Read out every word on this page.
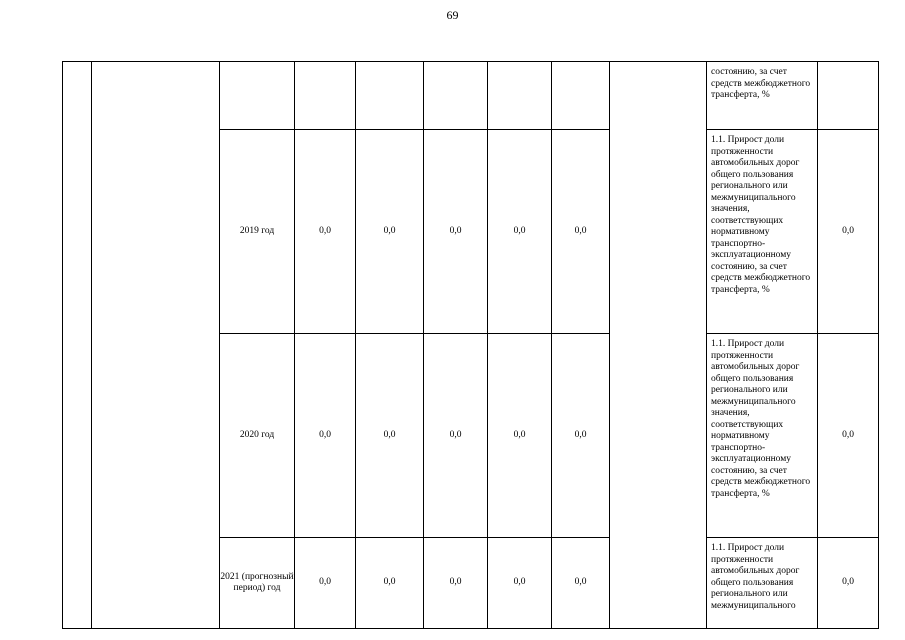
69
									состоянию, за счет средств межбюджетного трансферта, %	
		2019 год	0,0	0,0	0,0	0,0	0,0		1.1. Прирост доли протяженности автомобильных дорог общего пользования регионального или межмуниципального значения, соответствующих нормативному транспортно-эксплуатационному состоянию, за счет средств межбюджетного трансферта, %	0,0
		2020 год	0,0	0,0	0,0	0,0	0,0		1.1. Прирост доли протяженности автомобильных дорог общего пользования регионального или межмуниципального значения, соответствующих нормативному транспортно-эксплуатационному состоянию, за счет средств межбюджетного трансферта, %	0,0
		2021 (прогнозный период) год	0,0	0,0	0,0	0,0	0,0		1.1. Прирост доли протяженности автомобильных дорог общего пользования регионального или межмуниципального	0,0
